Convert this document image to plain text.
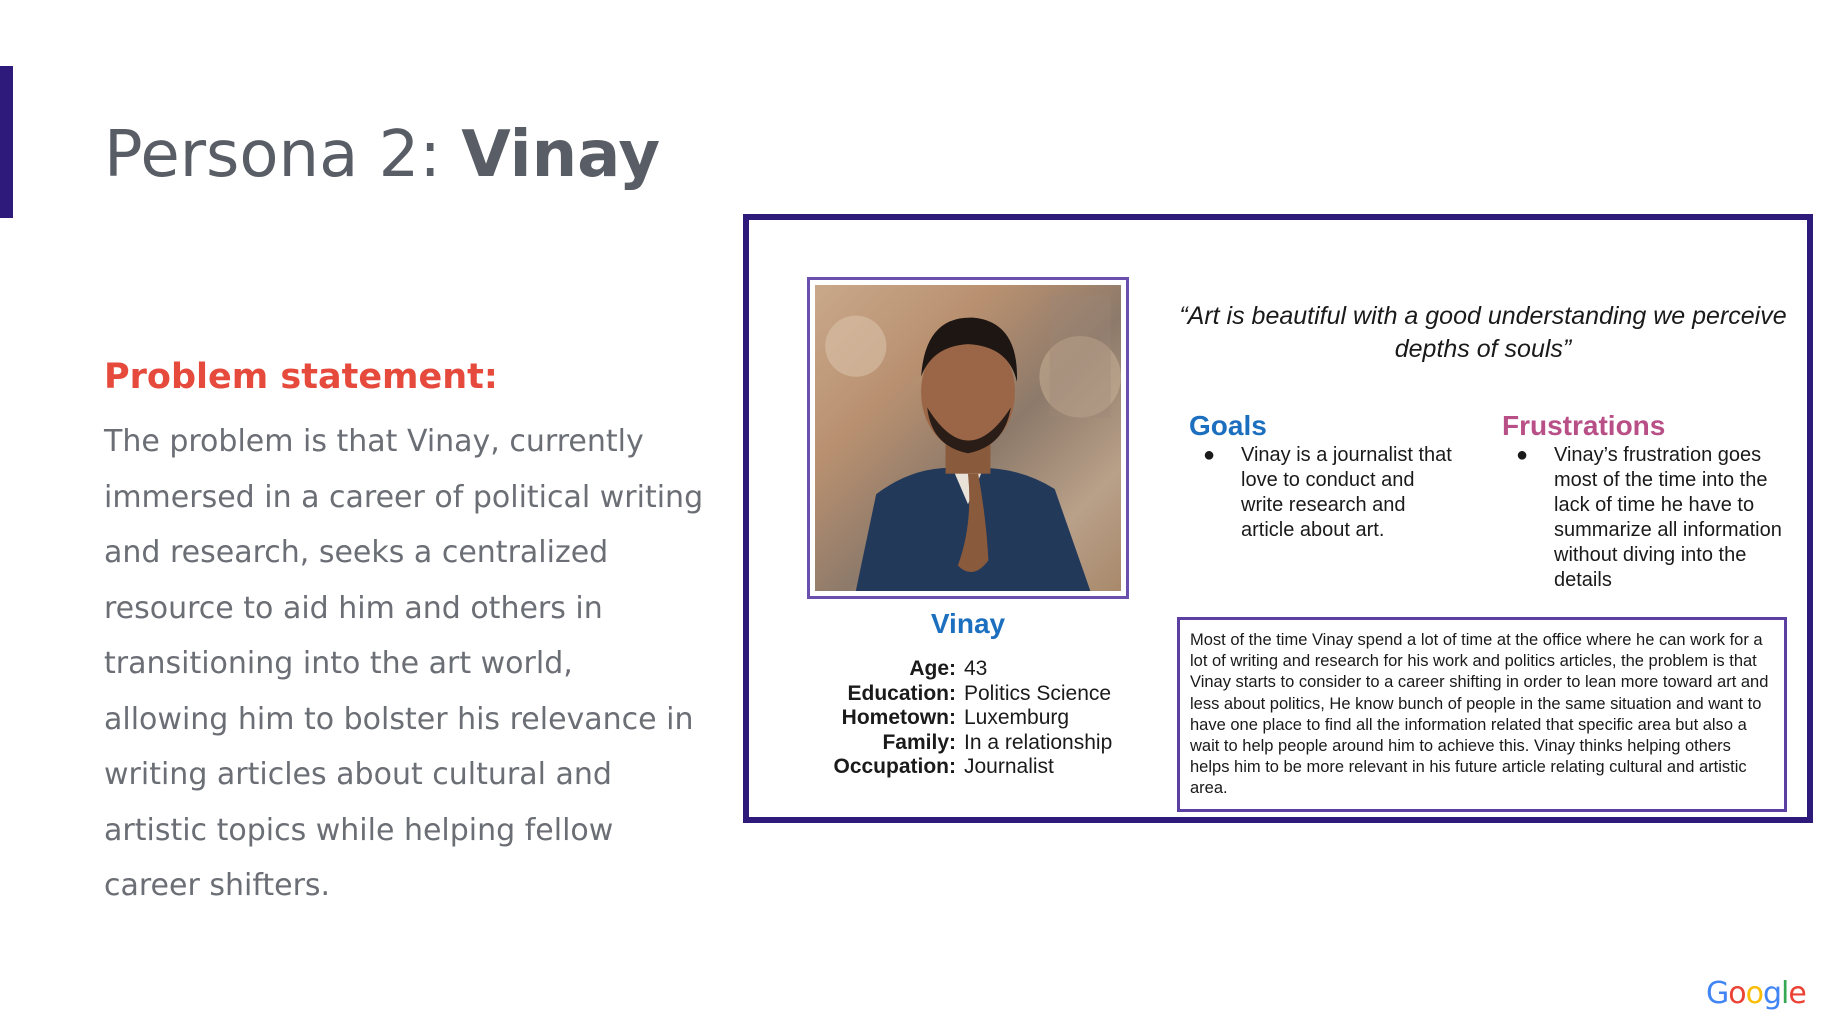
Persona 2: Vinay
Problem statement:

The problem is that Vinay, currently immersed in a career of political writing and research, seeks a centralized resource to aid him and others in transitioning into the art world, allowing him to bolster his relevance in writing articles about cultural and artistic topics while helping fellow career shifters.

Vinay

Age: 43
Education: Politics Science
Hometown: Luxemburg
Family: In a relationship
Occupation: Journalist

“Art is beautiful with a good understanding we perceive depths of souls”

Goals
● Vinay is a journalist that love to conduct and write research and article about art.
Frustrations
● Vinay’s frustration goes most of the time into the lack of time he have to summarize all information without diving into the details

Most of the time Vinay spend a lot of time at the office where he can work for a lot of writing and research for his work and politics articles, the problem is that Vinay starts to consider to a career shifting in order to lean more toward art and less about politics, He know bunch of people in the same situation and want to have one place to find all the information related that specific area but also a wait to help people around him to achieve this. Vinay thinks helping others helps him to be more relevant in his future article relating cultural and artistic area.

Google
